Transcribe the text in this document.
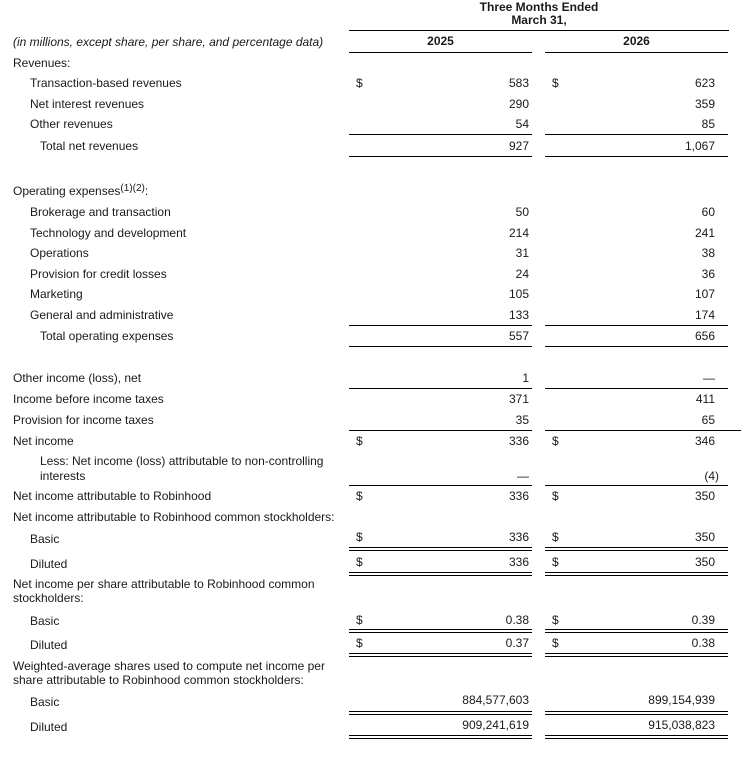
Three Months Ended
March 31,
(in millions, except share, per share, and percentage data)	2025	2026
Revenues:
Transaction-based revenues	$	583 $	623
Net interest revenues	290	359
Other revenues	54	85
Total net revenues	927	1,067
Operating expenses$^{(1)(2)}$:
Brokerage and transaction	50	60
Technology and development	214	241
Operations	31	38
Provision for credit losses	24	36
Marketing	105	107
General and administrative	133	174
Total operating expenses	557	656
Other income (loss), net	1	—
Income before income taxes	371	411
Provision for income taxes	35	65
Net income	$	336 $	346
Less: Net income (loss) attributable to non-controlling
interests	—	(4)
Net income attributable to Robinhood	$	336 $	350
Net income attributable to Robinhood common stockholders:
Basic	$	336 $	350
Diluted	$	336 $	350
Net income per share attributable to Robinhood common
stockholders:
Basic	$	0.38 $	0.39
Diluted	$	0.37 $	0.38
Weighted-average shares used to compute net income per
share attributable to Robinhood common stockholders:
Basic	884,577,603	899,154,939
Diluted	909,241,619	915,038,823
